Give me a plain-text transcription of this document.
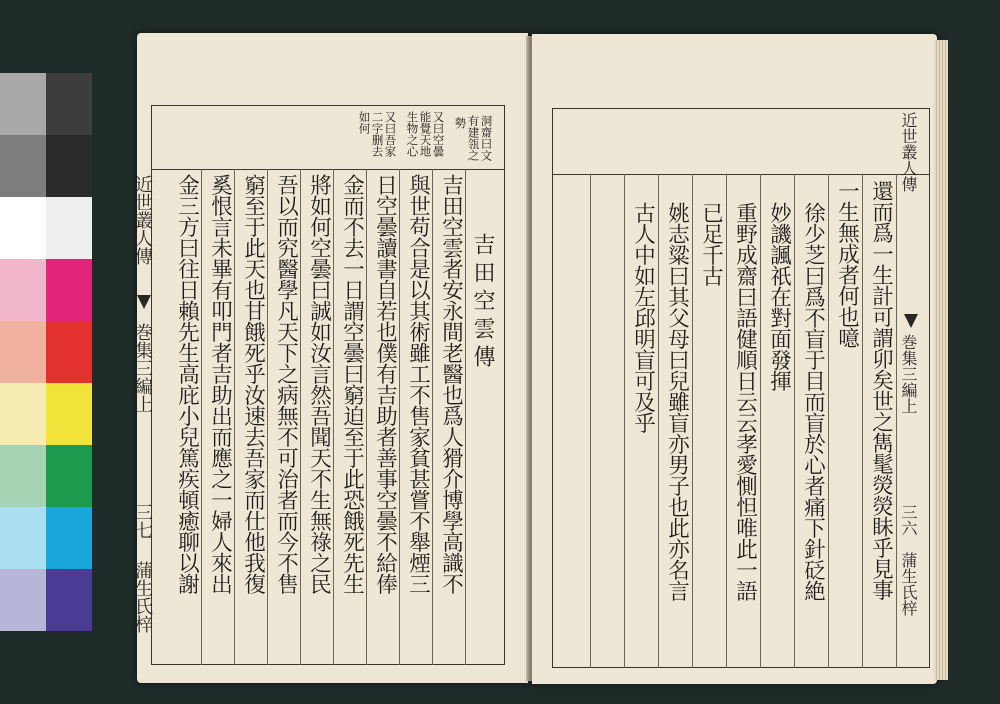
洞齋曰文
有建瓴之
勢
又曰空曇
能覺天地
生物之心
又曰吾家
二字删去
如何
吉田空雲傳
吉田空雲者安永間老醫也爲人猾介博學高識不
與世苟合是以其術雖工不售家貧甚嘗不舉煙三
日空曇讀書自若也僕有吉助者善事空曇不給俸
金而不去一日謂空曇曰窮迫至于此恐餓死先生
將如何空曇曰誠如汝言然吾聞天不生無祿之民
吾以而究醫學凡天下之病無不可治者而今不售
窮至于此天也甘餓死乎汝速去吾家而仕他我復
奚恨言未畢有叩門者吉助出而應之一婦人來出
金三方曰往日賴先生高庇小兒篤疾頓癒聊以謝
近世叢人傳
巻集三編上
三七
蒲生氏梓
　	還而爲一生計可謂卯矣世之雋髦熒熒眛乎見事
一生無成者何也噫
徐少芝曰爲不盲于目而盲於心者痛下針砭絶
妙譏諷祇在對面發揮
重野成齋曰語健順日云云孝愛惻怛唯此一語
已足千古
姚志粱曰其父母曰兒雖盲亦男子也此亦名言
古人中如左邱明盲可及乎
近世叢人傳
巻集三編上
三六
蒲生氏梓
